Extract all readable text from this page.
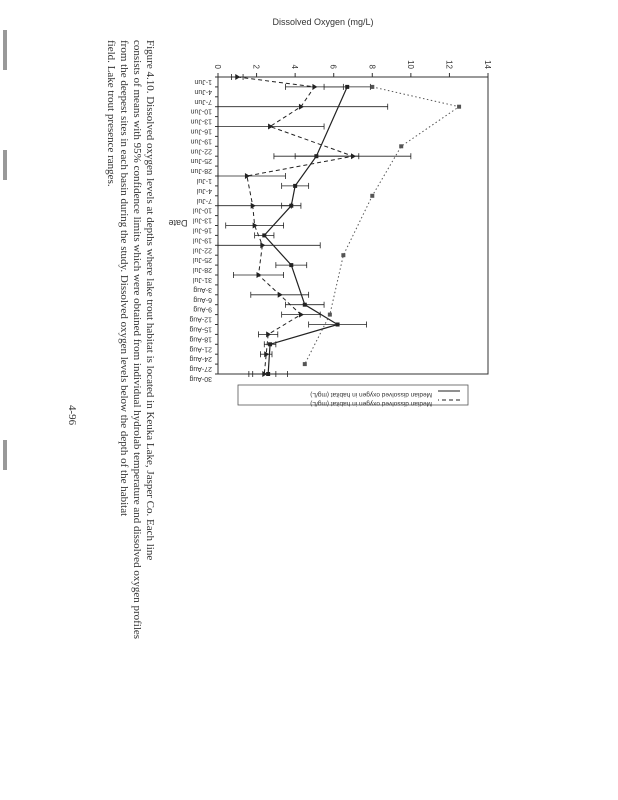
0	2	4	6	8	10	12	14
Dissolved Oxygen (mg/L)
1-Jun
4-Jun
7-Jun
10-Jun
13-Jun
16-Jun
19-Jun
22-Jun
25-Jun
28-Jun
1-Jul
4-Jul
7-Jul
10-Jul
13-Jul
16-Jul
19-Jul
22-Jul
25-Jul
28-Jul
31-Jul
3-Aug
6-Aug
9-Aug
12-Aug
15-Aug
18-Aug
21-Aug
24-Aug
27-Aug
30-Aug
Date
Median dissolved oxygen in habitat (mg/L)
Median dissolved oxygen in habitat (mg/L)
Figure 4.10. Dissolved oxygen levels at depths where lake trout habitat is located in Keuka Lake, Jasper Co. Each line
consists of means with 95% confidence limits which were obtained from individual hydrolab temperature and dissolved oxygen profiles
from the deepest sites in each basin during the study. Dissolved oxygen levels below the depth of the habitat
field. Lake trout presence ranges.
4-96
